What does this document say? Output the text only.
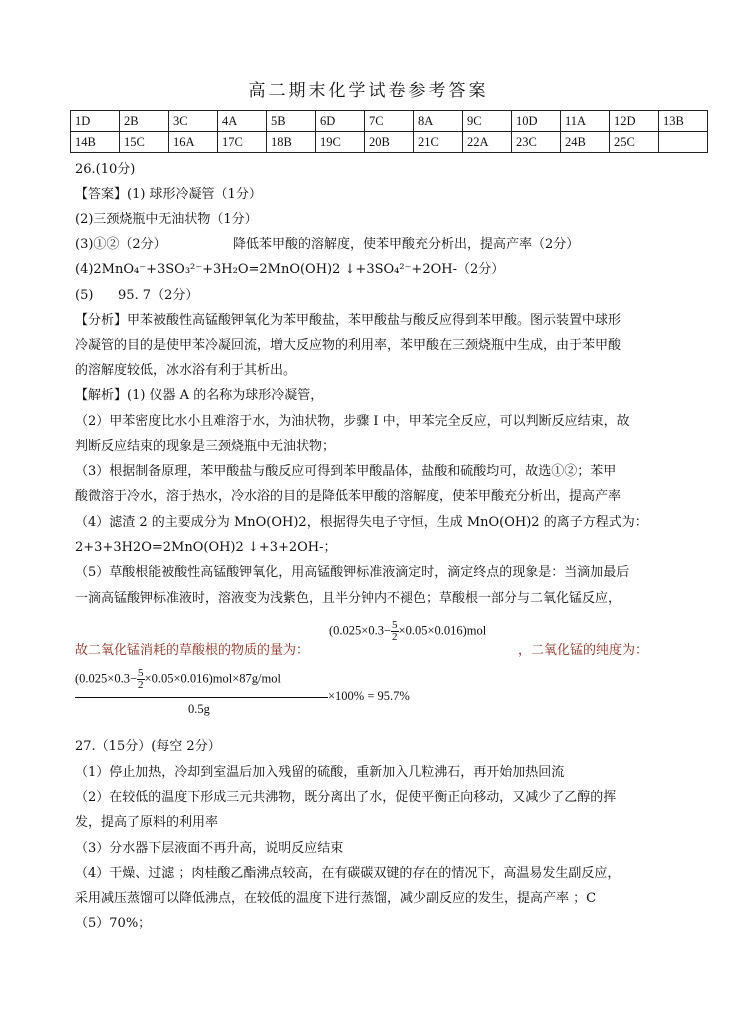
高二期末化学试卷参考答案
1D	2B	3C	4A	5B	6D	7C	8A	9C	10D	11A	12D	13B
14B	15C	16A	17C	18B	19C	20B	21C	22A	23C	24B	25C	
26.(10分)
【答案】(1) 球形冷凝管（1分）
(2)三颈烧瓶中无油状物（1分）
(3)①②（2分）	降低苯甲酸的溶解度，使苯甲酸充分析出，提高产率（2分）
(4)2MnO₄⁻+3SO₃²⁻+3H₂O=2MnO(OH)2 ↓+3SO₄²⁻+2OH-（2分）
(5) 95. 7（2分）
【分析】甲苯被酸性高锰酸钾氧化为苯甲酸盐，苯甲酸盐与酸反应得到苯甲酸。图示装置中球形
冷凝管的目的是使甲苯冷凝回流，增大反应物的利用率，苯甲酸在三颈烧瓶中生成，由于苯甲酸
的溶解度较低，冰水浴有利于其析出。
【解析】(1) 仪器 A 的名称为球形冷凝管，
（2）甲苯密度比水小且难溶于水，为油状物，步骤 I 中，甲苯完全反应，可以判断反应结束，故
判断反应结束的现象是三颈烧瓶中无油状物；
（3）根据制备原理，苯甲酸盐与酸反应可得到苯甲酸晶体，盐酸和硫酸均可，故选①②；苯甲
酸微溶于冷水，溶于热水，冷水浴的目的是降低苯甲酸的溶解度，使苯甲酸充分析出，提高产率
（4）滤渣 2 的主要成分为 MnO(OH)2，根据得失电子守恒，生成 MnO(OH)2 的离子方程式为：
2+3+3H2O=2MnO(OH)2 ↓+3+2OH-；
（5）草酸根能被酸性高锰酸钾氧化，用高锰酸钾标准液滴定时，滴定终点的现象是：当滴加最后
一滴高锰酸钾标准液时，溶液变为浅紫色，且半分钟内不褪色；草酸根一部分与二氧化锰反应，
$(0.025\times 0.3- \frac{5}{2}\times 0.05\times 0.016)mol$
故二氧化锰消耗的草酸根的物质的量为：	，二氧化锰的纯度为：
$(0.025\times 0.3- \frac{5}{2}\times 0.05\times 0.016)mol\times 87g$/mol
×100% = 95.7%
0.5g
27.（15分）(每空 2分）
（1）停止加热，冷却到室温后加入残留的硫酸，重新加入几粒沸石，再开始加热回流
（2）在较低的温度下形成三元共沸物，既分离出了水，促使平衡正向移动，又减少了乙醇的挥
发，提高了原料的利用率
（3）分水器下层液面不再升高，说明反应结束
（4）干燥、过滤 ；肉桂酸乙酯沸点较高，在有碳碳双键的存在的情况下，高温易发生副反应，
采用减压蒸馏可以降低沸点，在较低的温度下进行蒸馏，减少副反应的发生，提高产率 ；C
（5）70%；
